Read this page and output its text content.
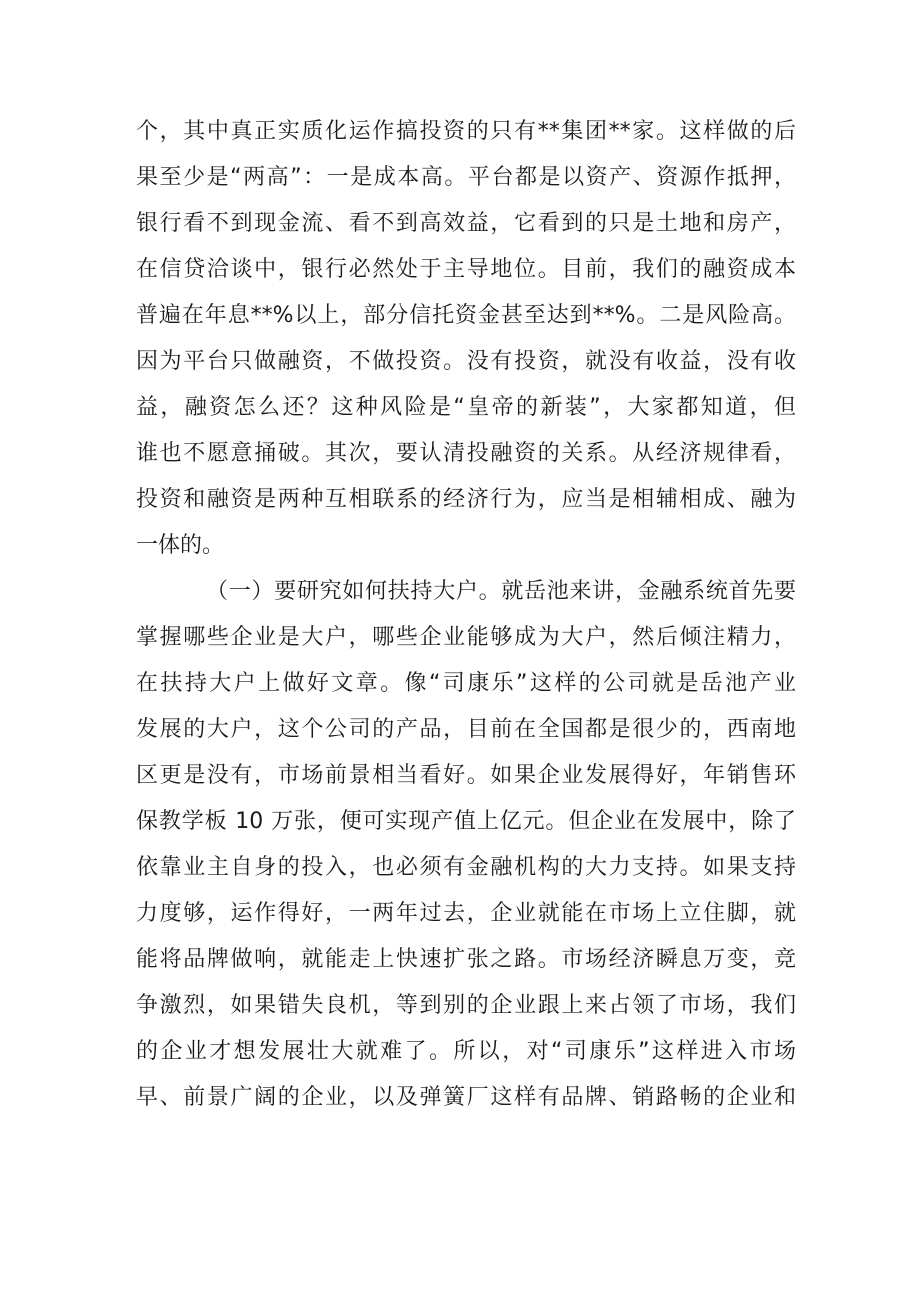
个，其中真正实质化运作搞投资的只有**集团**家。这样做的后
果至少是“两高”：一是成本高。平台都是以资产、资源作抵押，
银行看不到现金流、看不到高效益，它看到的只是土地和房产，
在信贷洽谈中，银行必然处于主导地位。目前，我们的融资成本
普遍在年息**%以上，部分信托资金甚至达到**%。二是风险高。
因为平台只做融资，不做投资。没有投资，就没有收益，没有收
益，融资怎么还？这种风险是“皇帝的新装”，大家都知道，但
谁也不愿意捅破。其次，要认清投融资的关系。从经济规律看，
投资和融资是两种互相联系的经济行为，应当是相辅相成、融为
一体的。
（一）要研究如何扶持大户。就岳池来讲，金融系统首先要
掌握哪些企业是大户，哪些企业能够成为大户，然后倾注精力，
在扶持大户上做好文章。像“司康乐”这样的公司就是岳池产业
发展的大户，这个公司的产品，目前在全国都是很少的，西南地
区更是没有，市场前景相当看好。如果企业发展得好，年销售环
保教学板 10 万张，便可实现产值上亿元。但企业在发展中，除了
依靠业主自身的投入，也必须有金融机构的大力支持。如果支持
力度够，运作得好，一两年过去，企业就能在市场上立住脚，就
能将品牌做响，就能走上快速扩张之路。市场经济瞬息万变，竞
争激烈，如果错失良机，等到别的企业跟上来占领了市场，我们
的企业才想发展壮大就难了。所以，对“司康乐”这样进入市场
早、前景广阔的企业，以及弹簧厂这样有品牌、销路畅的企业和
